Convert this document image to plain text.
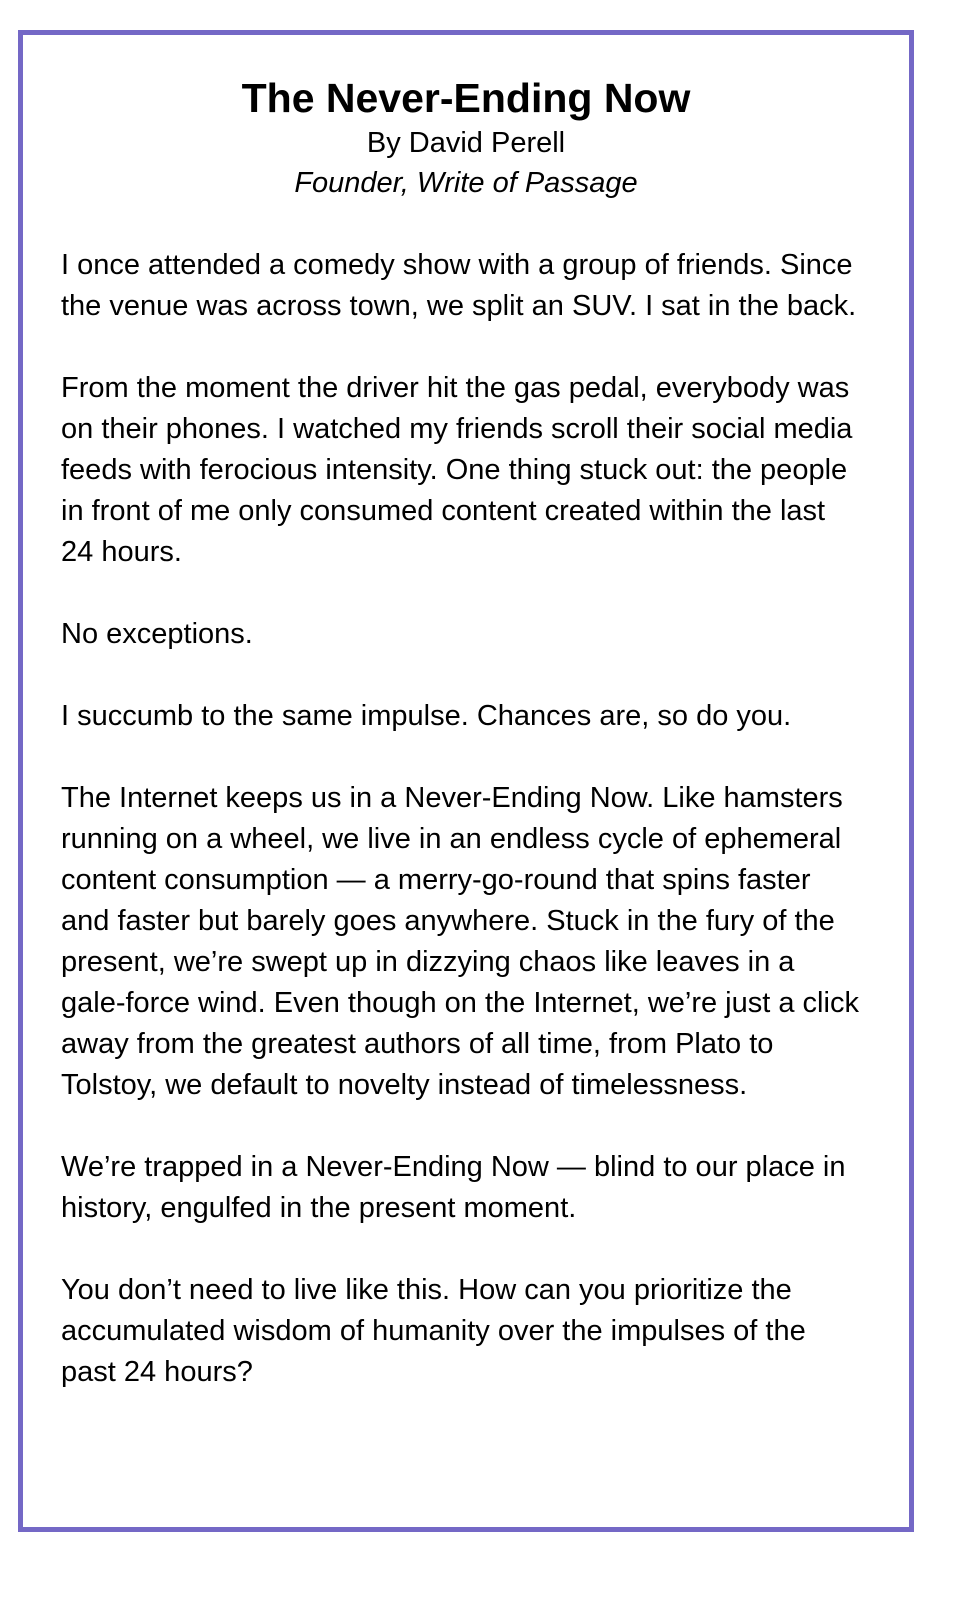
The Never-Ending Now

By David Perell

Founder, Write of Passage

I once attended a comedy show with a group of friends. Since the venue was across town, we split an SUV. I sat in the back.

From the moment the driver hit the gas pedal, everybody was on their phones. I watched my friends scroll their social media feeds with ferocious intensity. One thing stuck out: the people in front of me only consumed content created within the last 24 hours.

No exceptions.

I succumb to the same impulse. Chances are, so do you.

The Internet keeps us in a Never-Ending Now. Like hamsters running on a wheel, we live in an endless cycle of ephemeral content consumption — a merry-go-round that spins faster and faster but barely goes anywhere. Stuck in the fury of the present, we’re swept up in dizzying chaos like leaves in a gale-force wind. Even though on the Internet, we’re just a click away from the greatest authors of all time, from Plato to Tolstoy, we default to novelty instead of timelessness.

We’re trapped in a Never-Ending Now — blind to our place in history, engulfed in the present moment.

You don’t need to live like this. How can you prioritize the accumulated wisdom of humanity over the impulses of the past 24 hours?
